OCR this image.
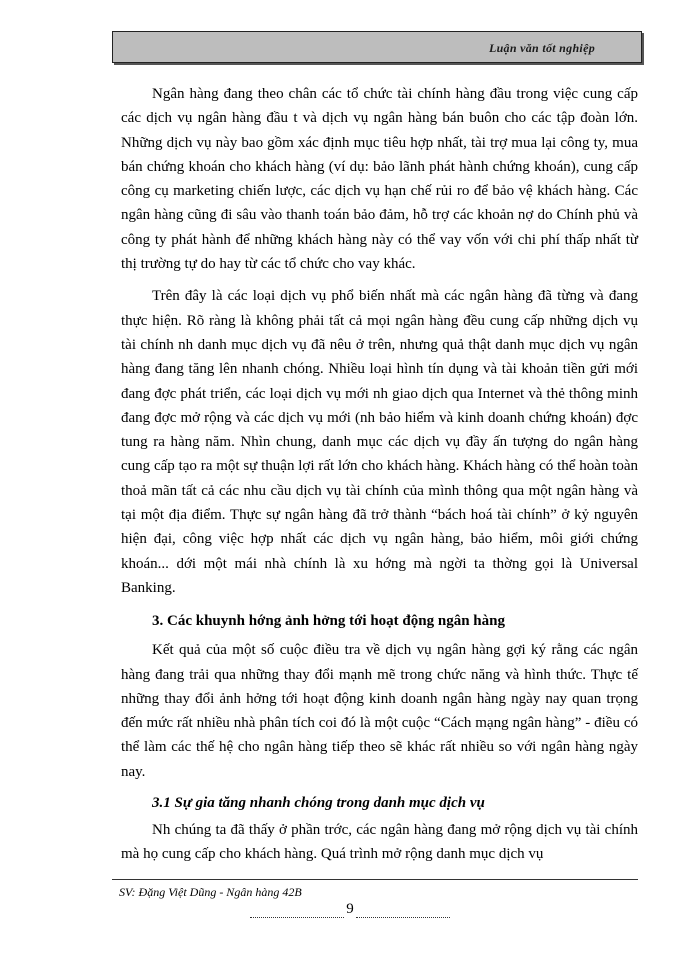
Luận văn tốt nghiệp

Ngân hàng đang theo chân các tổ chức tài chính hàng đầu trong việc cung cấp các dịch vụ ngân hàng đầu t và dịch vụ ngân hàng bán buôn cho các tập đoàn lớn. Những dịch vụ này bao gồm xác định mục tiêu hợp nhất, tài trợ mua lại công ty, mua bán chứng khoán cho khách hàng (ví dụ: bảo lãnh phát hành chứng khoán), cung cấp công cụ marketing chiến lược, các dịch vụ hạn chế rủi ro để bảo vệ khách hàng. Các ngân hàng cũng đi sâu vào thanh toán bảo đảm, hỗ trợ các khoản nợ do Chính phủ và công ty phát hành để những khách hàng này có thể vay vốn với chi phí thấp nhất từ thị trường tự do hay từ các tổ chức cho vay khác.

Trên đây là các loại dịch vụ phổ biến nhất mà các ngân hàng đã từng và đang thực hiện. Rõ ràng là không phải tất cả mọi ngân hàng đều cung cấp những dịch vụ tài chính nh danh mục dịch vụ đã nêu ở trên, nhưng quả thật danh mục dịch vụ ngân hàng đang tăng lên nhanh chóng. Nhiều loại hình tín dụng và tài khoản tiền gửi mới đang đợc phát triển, các loại dịch vụ mới nh giao dịch qua Internet và thẻ thông minh đang đợc mở rộng và các dịch vụ mới (nh bảo hiểm và kinh doanh chứng khoán) đợc tung ra hàng năm. Nhìn chung, danh mục các dịch vụ đầy ấn tượng do ngân hàng cung cấp tạo ra một sự thuận lợi rất lớn cho khách hàng. Khách hàng có thể hoàn toàn thoả mãn tất cả các nhu cầu dịch vụ tài chính của mình thông qua một ngân hàng và tại một địa điểm. Thực sự ngân hàng đã trở thành “bách hoá tài chính” ở kỷ nguyên hiện đại, công việc hợp nhất các dịch vụ ngân hàng, bảo hiểm, môi giới chứng khoán... dới một mái nhà chính là xu hớng mà ngời ta thờng gọi là Universal Banking.

3. Các khuynh hớng ảnh hởng tới hoạt động ngân hàng

Kết quả của một số cuộc điều tra về dịch vụ ngân hàng gợi ký rằng các ngân hàng đang trải qua những thay đổi mạnh mẽ trong chức năng và hình thức. Thực tế những thay đổi ảnh hởng tới hoạt động kinh doanh ngân hàng ngày nay quan trọng đến mức rất nhiều nhà phân tích coi đó là một cuộc “Cách mạng ngân hàng” - điều có thể làm các thế hệ cho ngân hàng tiếp theo sẽ khác rất nhiều so với ngân hàng ngày nay.

3.1 Sự gia tăng nhanh chóng trong danh mục dịch vụ

Nh chúng ta đã thấy ở phần trớc, các ngân hàng đang mở rộng dịch vụ tài chính mà họ cung cấp cho khách hàng. Quá trình mở rộng danh mục dịch vụ

SV: Đặng Việt Dũng - Ngân hàng 42B
9
